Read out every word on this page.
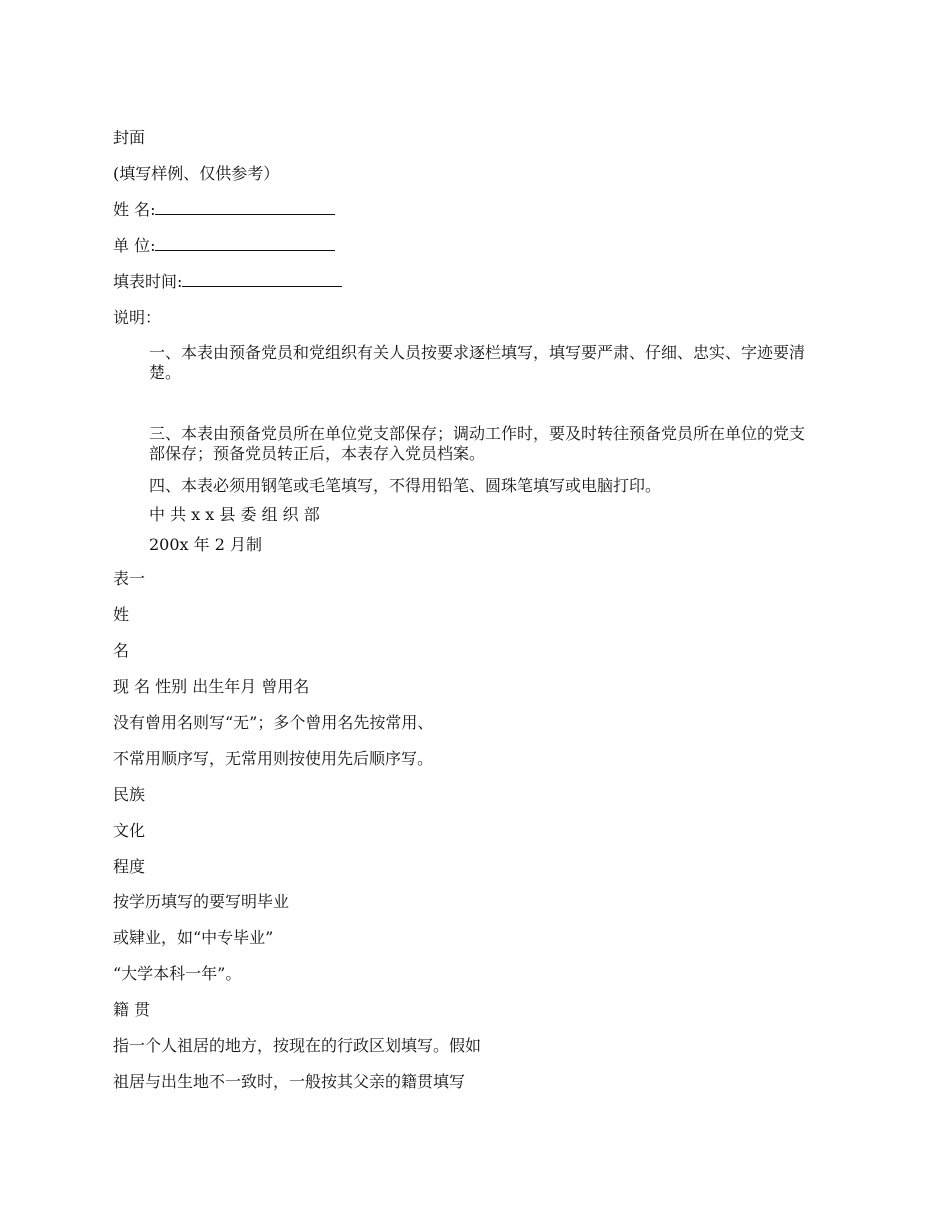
封面
(填写样例、仅供参考）
姓 名:
单 位:
填表时间:
说明：
一、本表由预备党员和党组织有关人员按要求逐栏填写，填写要严肃、仔细、忠实、字迹要清楚。
三、本表由预备党员所在单位党支部保存；调动工作时，要及时转往预备党员所在单位的党支部保存；预备党员转正后，本表存入党员档案。
四、本表必须用钢笔或毛笔填写，不得用铅笔、圆珠笔填写或电脑打印。
中 共 x x 县 委 组 织 部
200x 年 2 月制
表一
姓
名
现 名 性别 出生年月 曾用名
没有曾用名则写“无”；多个曾用名先按常用、
不常用顺序写，无常用则按使用先后顺序写。
民族
文化
程度
按学历填写的要写明毕业
或肄业，如“中专毕业”
“大学本科一年”。
籍 贯
指一个人祖居的地方，按现在的行政区划填写。假如
祖居与出生地不一致时，一般按其父亲的籍贯填写
